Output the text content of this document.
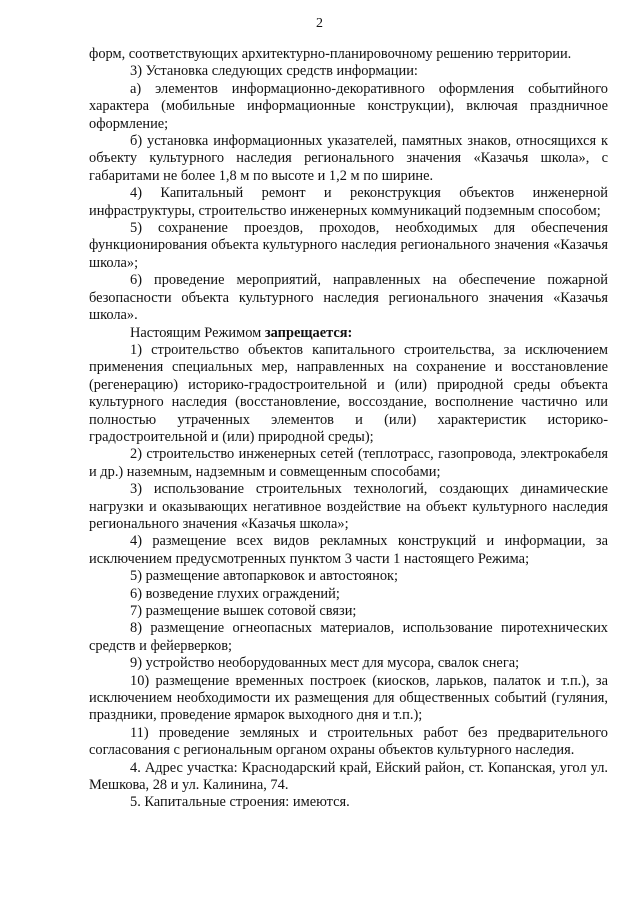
2

форм, соответствующих архитектурно-планировочному решению территории.

3) Установка следующих средств информации:

а) элементов информационно-декоративного оформления событийного характера (мобильные информационные конструкции), включая праздничное оформление;

б) установка информационных указателей, памятных знаков, относящихся к объекту культурного наследия регионального значения «Казачья школа», с габаритами не более 1,8 м по высоте и 1,2 м по ширине.

4) Капитальный ремонт и реконструкция объектов инженерной инфраструктуры, строительство инженерных коммуникаций подземным способом;

5) сохранение проездов, проходов, необходимых для обеспечения функционирования объекта культурного наследия регионального значения «Казачья школа»;

6) проведение мероприятий, направленных на обеспечение пожарной безопасности объекта культурного наследия регионального значения «Казачья школа».

Настоящим Режимом запрещается:

1) строительство объектов капитального строительства, за исключением применения специальных мер, направленных на сохранение и восстановление (регенерацию) историко-градостроительной и (или) природной среды объекта культурного наследия (восстановление, воссоздание, восполнение частично или полностью утраченных элементов и (или) характеристик историко-градостроительной и (или) природной среды);

2) строительство инженерных сетей (теплотрасс, газопровода, электрокабеля и др.) наземным, надземным и совмещенным способами;

3) использование строительных технологий, создающих динамические нагрузки и оказывающих негативное воздействие на объект культурного наследия регионального значения «Казачья школа»;

4) размещение всех видов рекламных конструкций и информации, за исключением предусмотренных пунктом 3 части 1 настоящего Режима;

5) размещение автопарковок и автостоянок;

6) возведение глухих ограждений;

7) размещение вышек сотовой связи;

8) размещение огнеопасных материалов, использование пиротехнических средств и фейерверков;

9) устройство необорудованных мест для мусора, свалок снега;

10) размещение временных построек (киосков, ларьков, палаток и т.п.), за исключением необходимости их размещения для общественных событий (гуляния, праздники, проведение ярмарок выходного дня и т.п.);

11) проведение земляных и строительных работ без предварительного согласования с региональным органом охраны объектов культурного наследия.

4. Адрес участка: Краснодарский край, Ейский район, ст. Копанская, угол ул. Мешкова, 28 и ул. Калинина, 74.

5. Капитальные строения: имеются.
